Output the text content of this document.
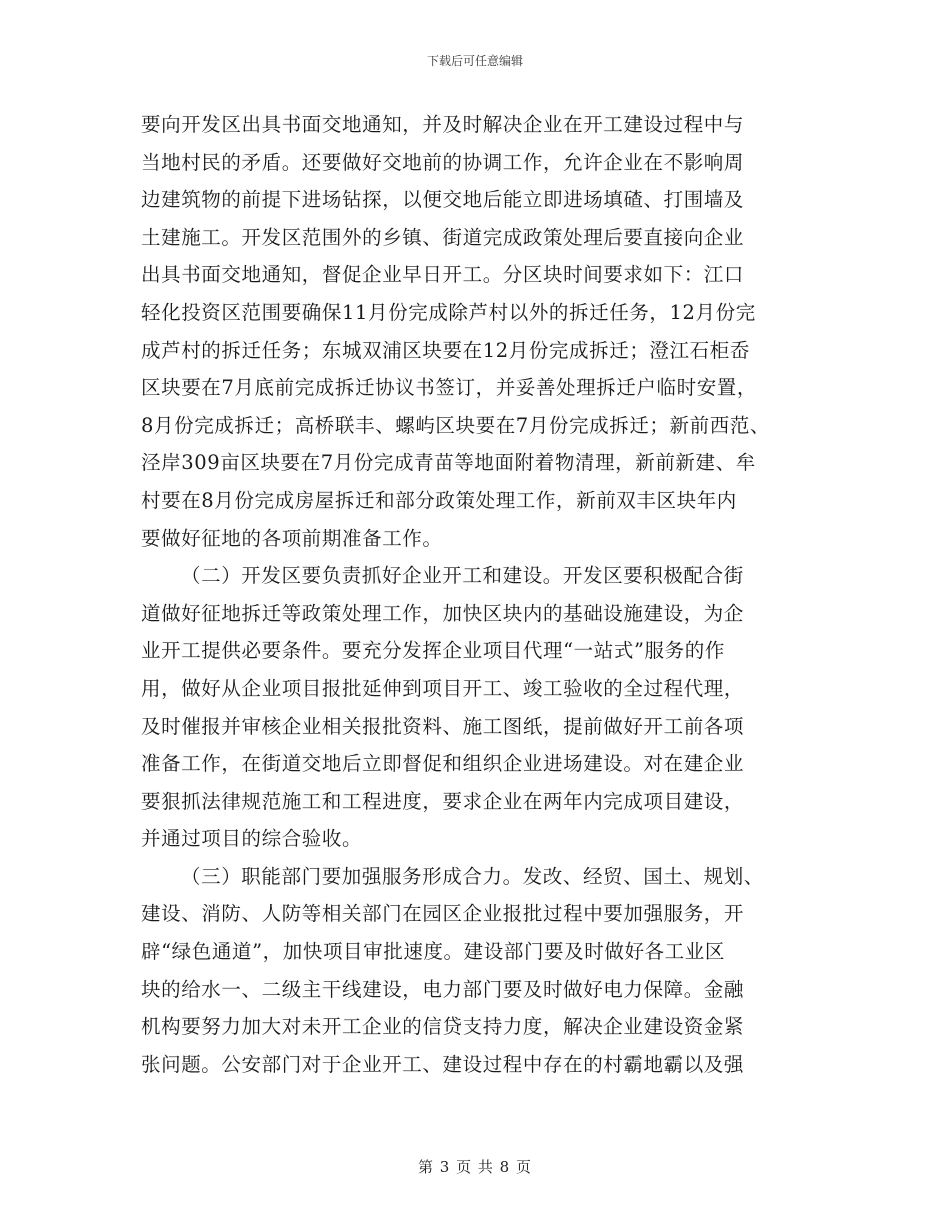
下载后可任意编辑
要向开发区出具书面交地通知，并及时解决企业在开工建设过程中与
当地村民的矛盾。还要做好交地前的协调工作，允许企业在不影响周
边建筑物的前提下进场钻探，以便交地后能立即进场填碴、打围墙及
土建施工。开发区范围外的乡镇、街道完成政策处理后要直接向企业
出具书面交地通知，督促企业早日开工。分区块时间要求如下：江口
轻化投资区范围要确保11月份完成除芦村以外的拆迁任务，12月份完
成芦村的拆迁任务；东城双浦区块要在12月份完成拆迁；澄江石柜岙
区块要在7月底前完成拆迁协议书签订，并妥善处理拆迁户临时安置，
8月份完成拆迁；高桥联丰、螺屿区块要在7月份完成拆迁；新前西范、
泾岸309亩区块要在7月份完成青苗等地面附着物清理，新前新建、牟
村要在8月份完成房屋拆迁和部分政策处理工作，新前双丰区块年内
要做好征地的各项前期准备工作。
（二）开发区要负责抓好企业开工和建设。开发区要积极配合街
道做好征地拆迁等政策处理工作，加快区块内的基础设施建设，为企
业开工提供必要条件。要充分发挥企业项目代理“一站式”服务的作
用，做好从企业项目报批延伸到项目开工、竣工验收的全过程代理，
及时催报并审核企业相关报批资料、施工图纸，提前做好开工前各项
准备工作，在街道交地后立即督促和组织企业进场建设。对在建企业
要狠抓法律规范施工和工程进度，要求企业在两年内完成项目建设，
并通过项目的综合验收。
（三）职能部门要加强服务形成合力。发改、经贸、国土、规划、
建设、消防、人防等相关部门在园区企业报批过程中要加强服务，开
辟“绿色通道”，加快项目审批速度。建设部门要及时做好各工业区
块的给水一、二级主干线建设，电力部门要及时做好电力保障。金融
机构要努力加大对未开工企业的信贷支持力度，解决企业建设资金紧
张问题。公安部门对于企业开工、建设过程中存在的村霸地霸以及强
第 3 页 共 8 页
